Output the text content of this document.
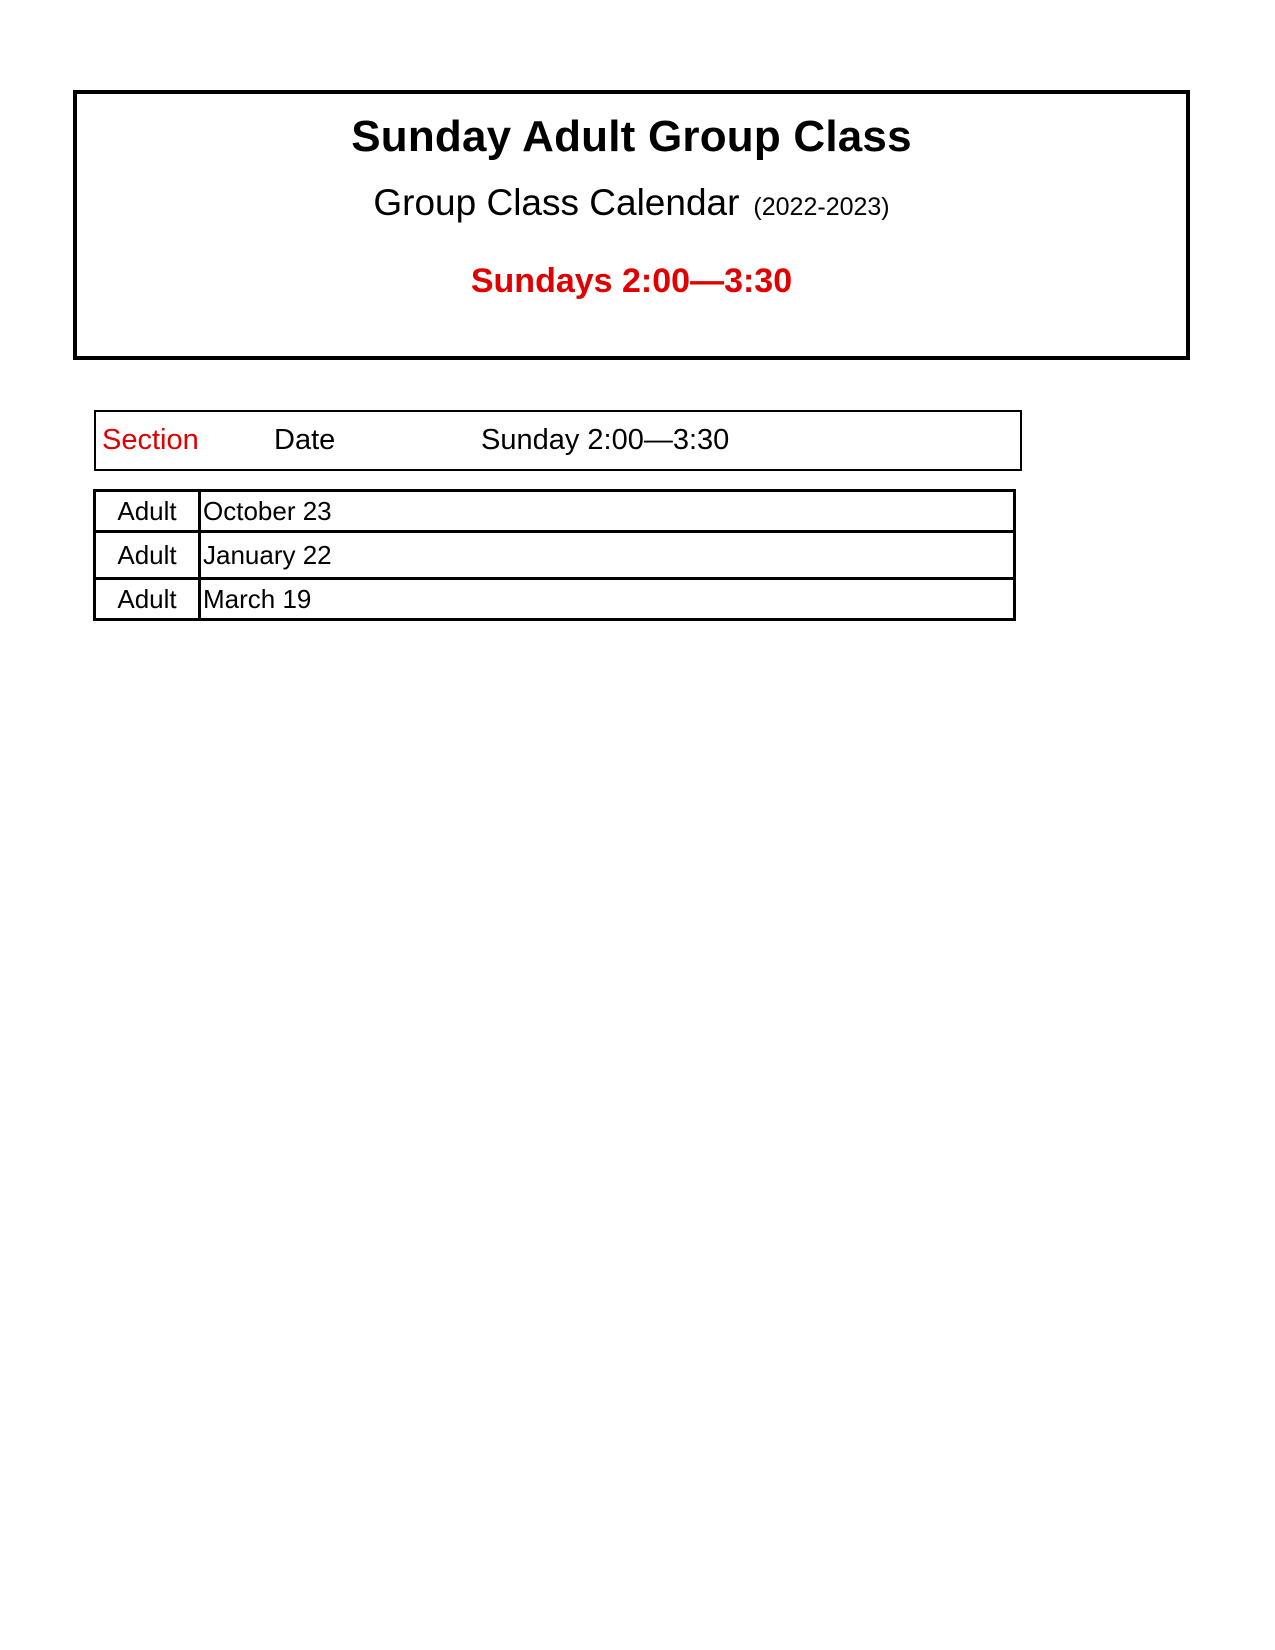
Sunday Adult Group Class
Group Class Calendar (2022-2023)
Sundays 2:00—3:30
Section	Date	Sunday 2:00—3:30
Adult	October 23
Adult	January 22
Adult	March 19
